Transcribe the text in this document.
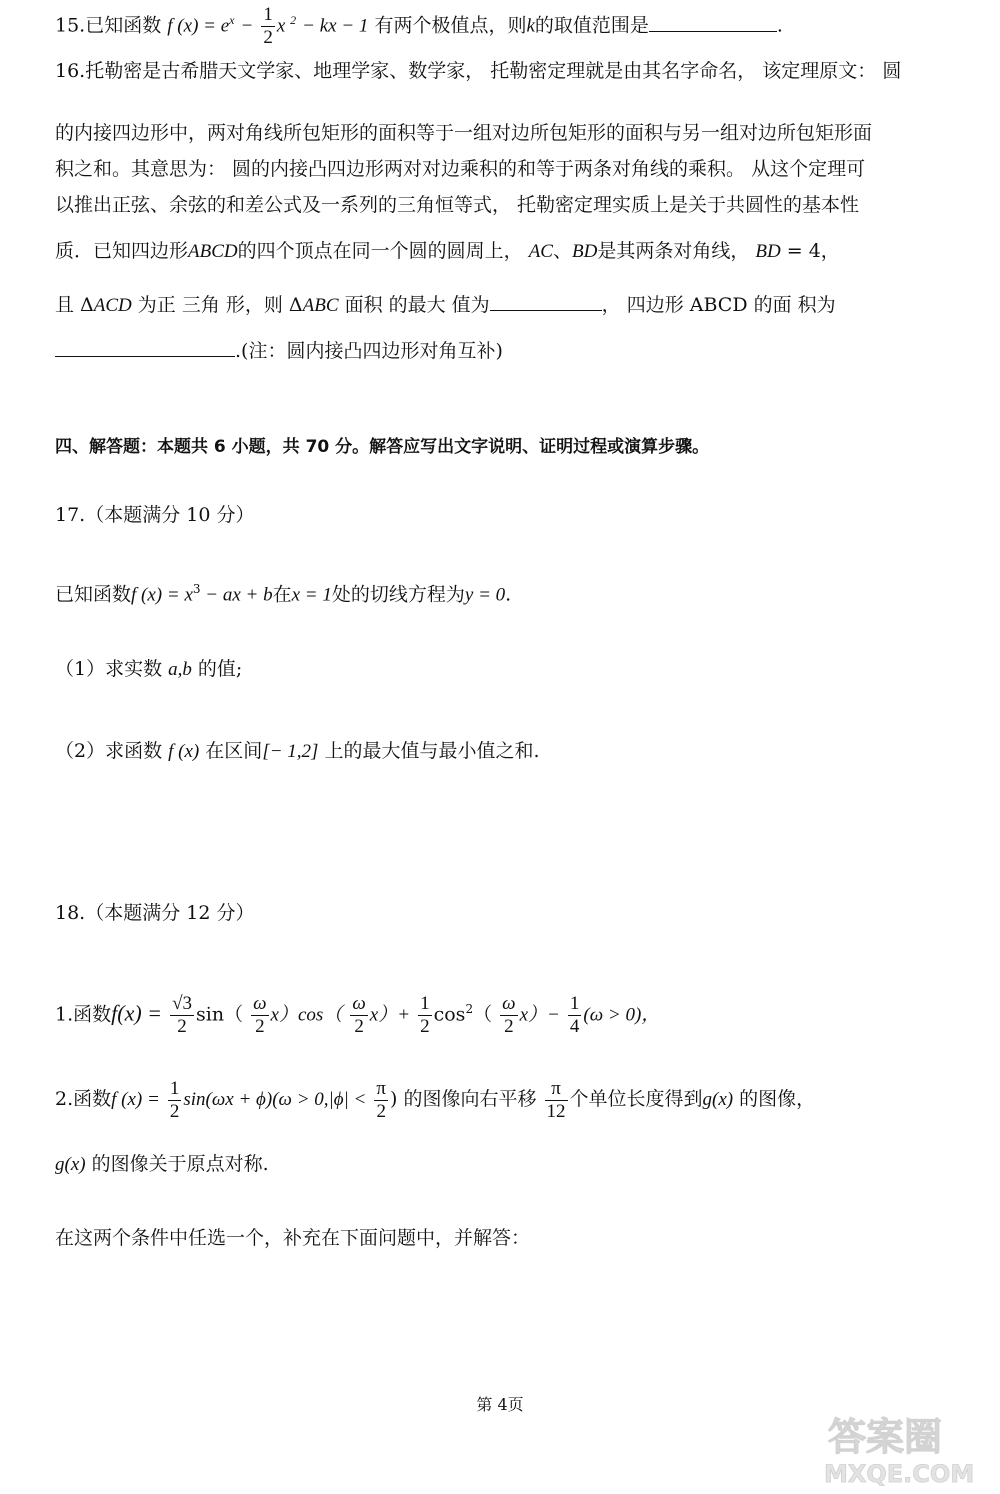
15.已知函数 f $(x) = e^x - \frac{1}{2}$ x $^2$ − kx − 1 有两个极值点，则k的取值范围是	.
16.托勒密是古希腊天文学家、地理学家、数学家， 托勒密定理就是由其名字命名， 该定理原文： 圆
的内接四边形中，两对角线所包矩形的面积等于一组对边所包矩形的面积与另一组对边所包矩形面
积之和。其意思为： 圆的内接凸四边形两对对边乘积的和等于两条对角线的乘积。 从这个定理可
以推出正弦、余弦的和差公式及一系列的三角恒等式， 托勒密定理实质上是关于共圆性的基本性
质．已知四边形ABCD的四个顶点在同一个圆的圆周上， AC、BD是其两条对角线， BD = 4，
且 ΔACD 为正 三角 形，则 ΔABC 面积 的最大 值为	， 四边形 ABCD 的面 积为
.(注：圆内接凸四边形对角互补)
四、解答题：本题共 6 小题，共 70 分。解答应写出文字说明、证明过程或演算步骤。
17.（本题满分 10 分）
已知函数f $(x) = x^3$ − ax + b在x = 1处的切线方程为y = 0.
（1）求实数 a,b 的值;
（2）求函数 f (x) 在区间[− 1,2] 上的最大值与最小值之和.
18.（本题满分 12 分）
1.函数$f(x) = \frac{√3}{2} \sin( \frac{\omega}{2} x)\cos( \frac{\omega}{2} x)+ \frac{1}{2} \cos^2( \frac{\omega}{2} x)- \frac{1}{4} (\omega > 0)$，
2.函数f $(x) = \frac{1}{2} \sin(\omega x + \phi)(\omega > 0,|\phi| < \frac{\pi}{2}$ ) 的图像向右平移 $\frac{\pi}{12}$ 个单位长度得到g(x) 的图像，
g(x) 的图像关于原点对称.
在这两个条件中任选一个，补充在下面问题中，并解答：
第 4页
答案圈
MXQE.COM
